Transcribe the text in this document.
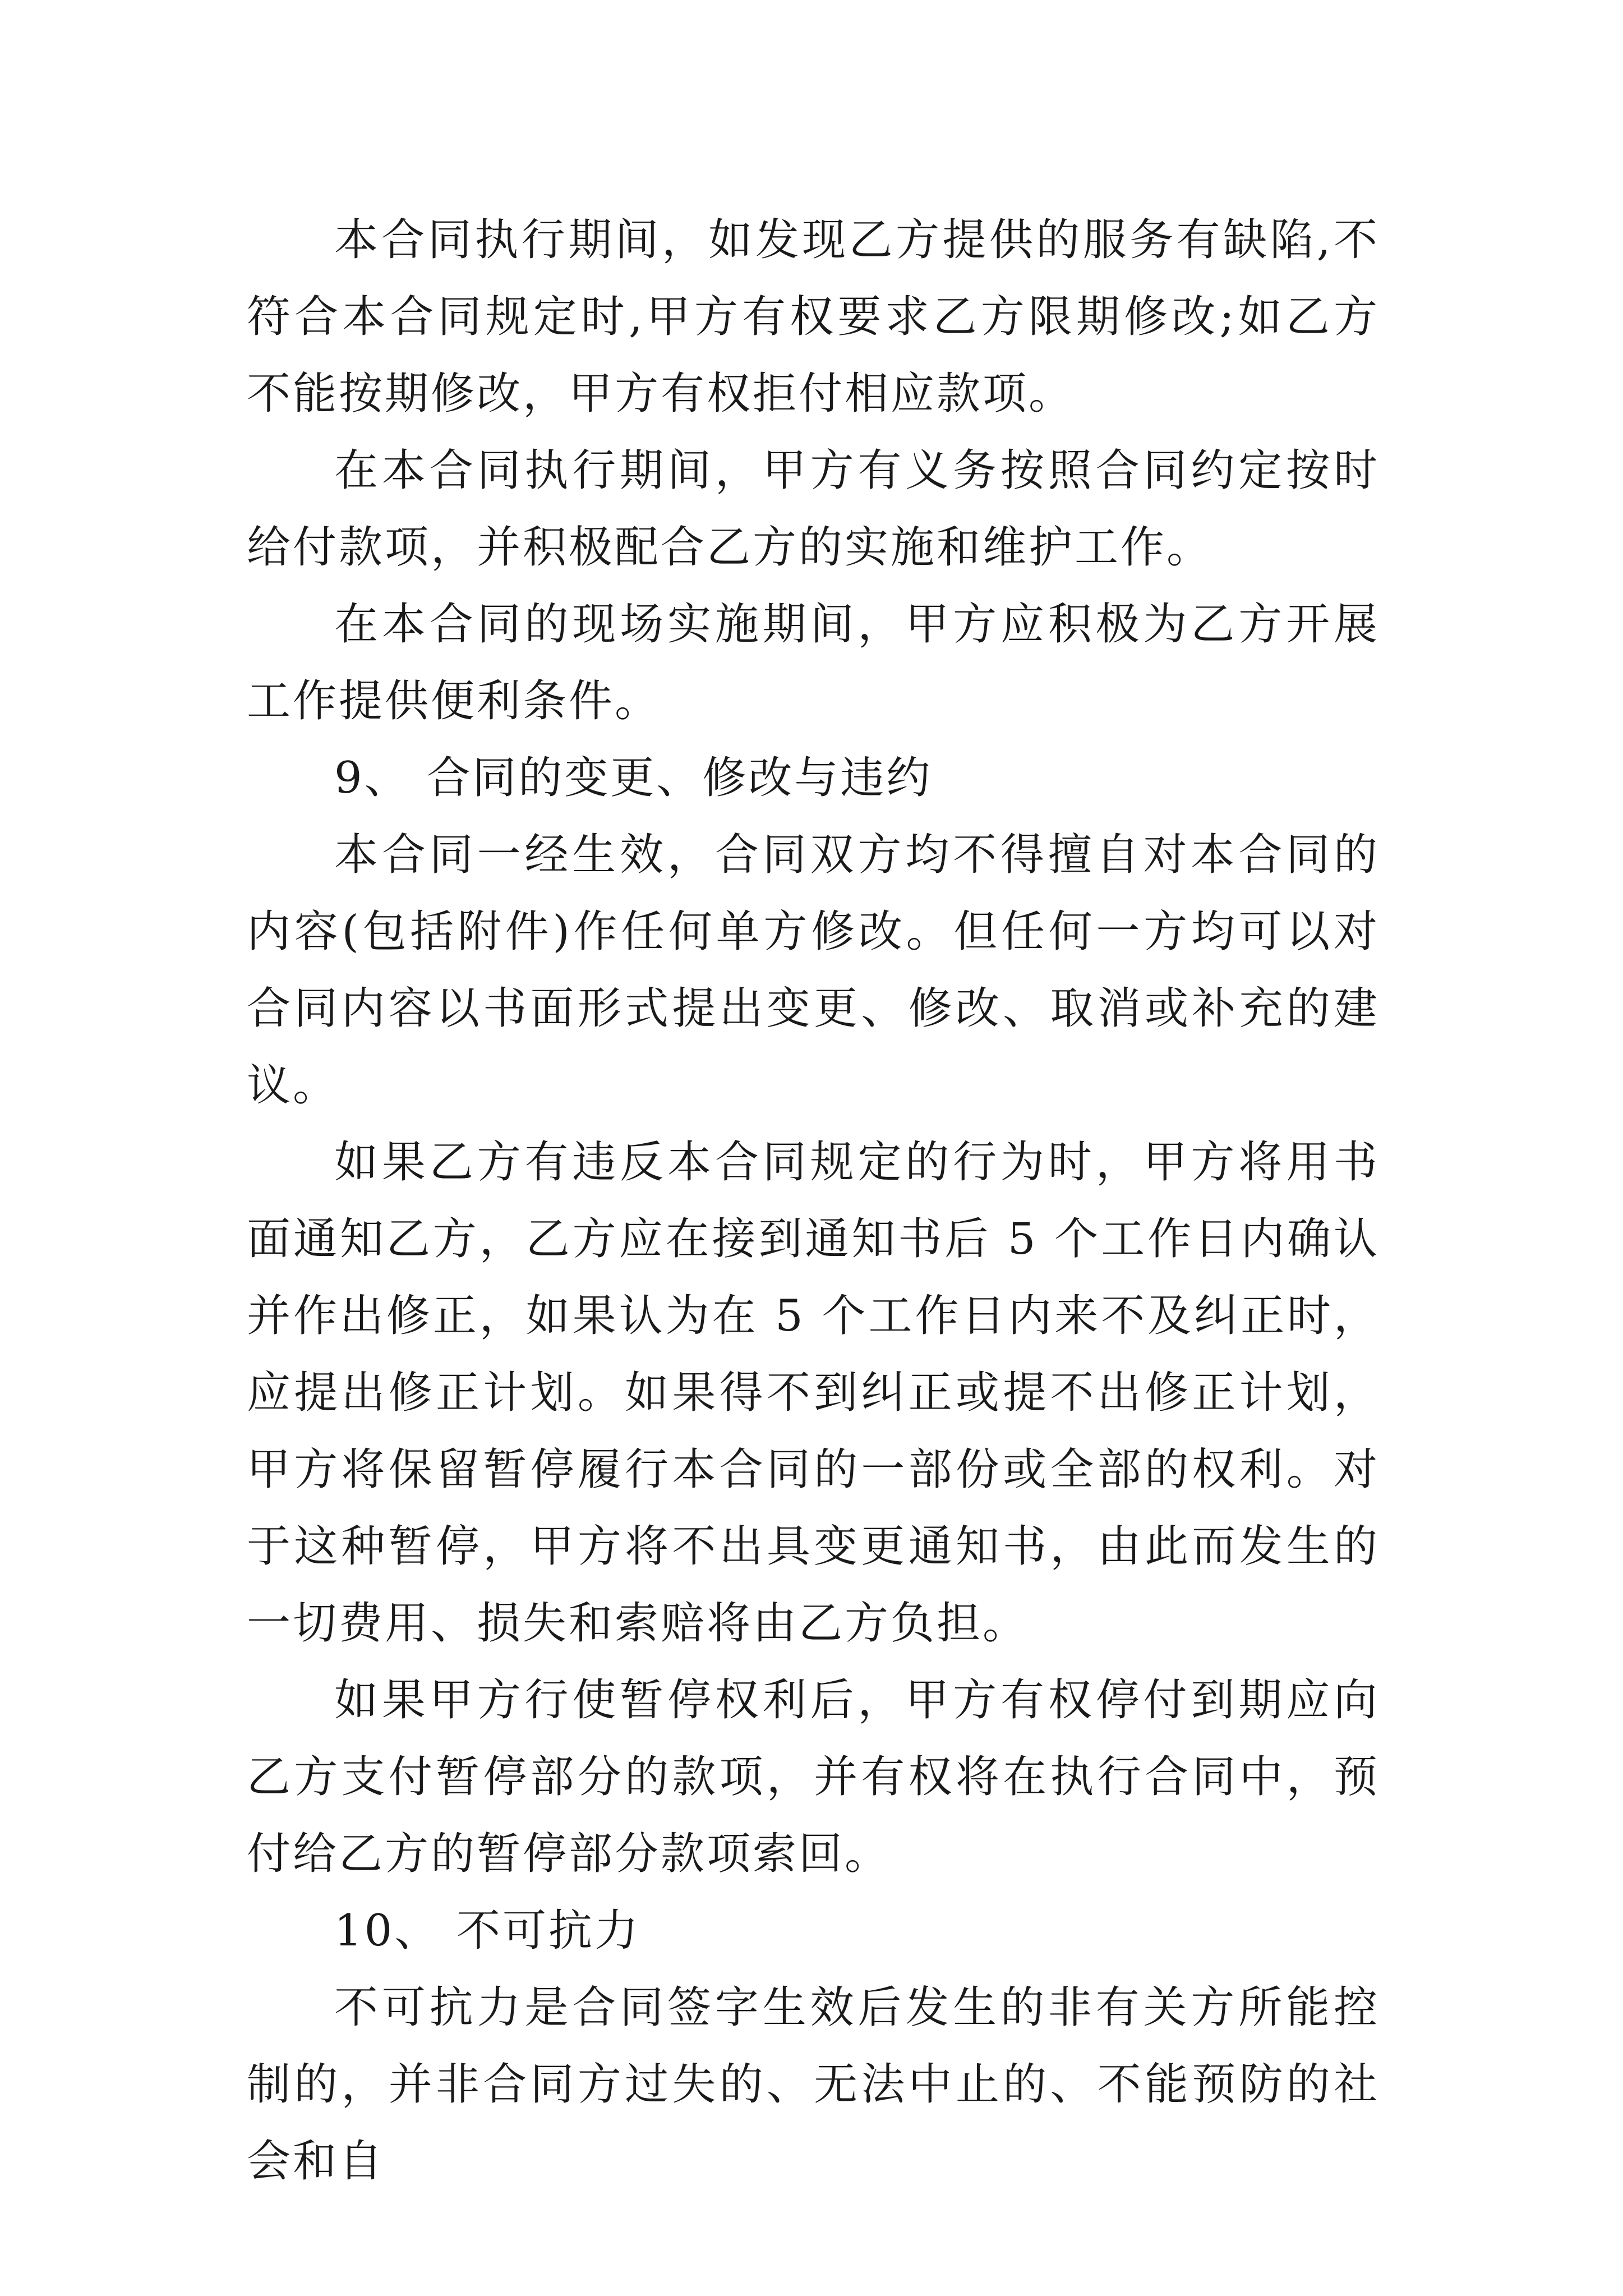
本合同执行期间，如发现乙方提供的服务有缺陷,不符合本合同规定时,甲方有权要求乙方限期修改;如乙方不能按期修改，甲方有权拒付相应款项。

在本合同执行期间，甲方有义务按照合同约定按时给付款项，并积极配合乙方的实施和维护工作。

在本合同的现场实施期间，甲方应积极为乙方开展工作提供便利条件。

9、 合同的变更、修改与违约

本合同一经生效，合同双方均不得擅自对本合同的内容(包括附件)作任何单方修改。但任何一方均可以对合同内容以书面形式提出变更、修改、取消或补充的建议。

如果乙方有违反本合同规定的行为时，甲方将用书面通知乙方，乙方应在接到通知书后 5 个工作日内确认并作出修正，如果认为在 5 个工作日内来不及纠正时，应提出修正计划。如果得不到纠正或提不出修正计划，甲方将保留暂停履行本合同的一部份或全部的权利。对于这种暂停，甲方将不出具变更通知书，由此而发生的一切费用、损失和索赔将由乙方负担。

如果甲方行使暂停权利后，甲方有权停付到期应向乙方支付暂停部分的款项，并有权将在执行合同中，预付给乙方的暂停部分款项索回。

10、 不可抗力

不可抗力是合同签字生效后发生的非有关方所能控制的，并非合同方过失的、无法中止的、不能预防的社会和自
